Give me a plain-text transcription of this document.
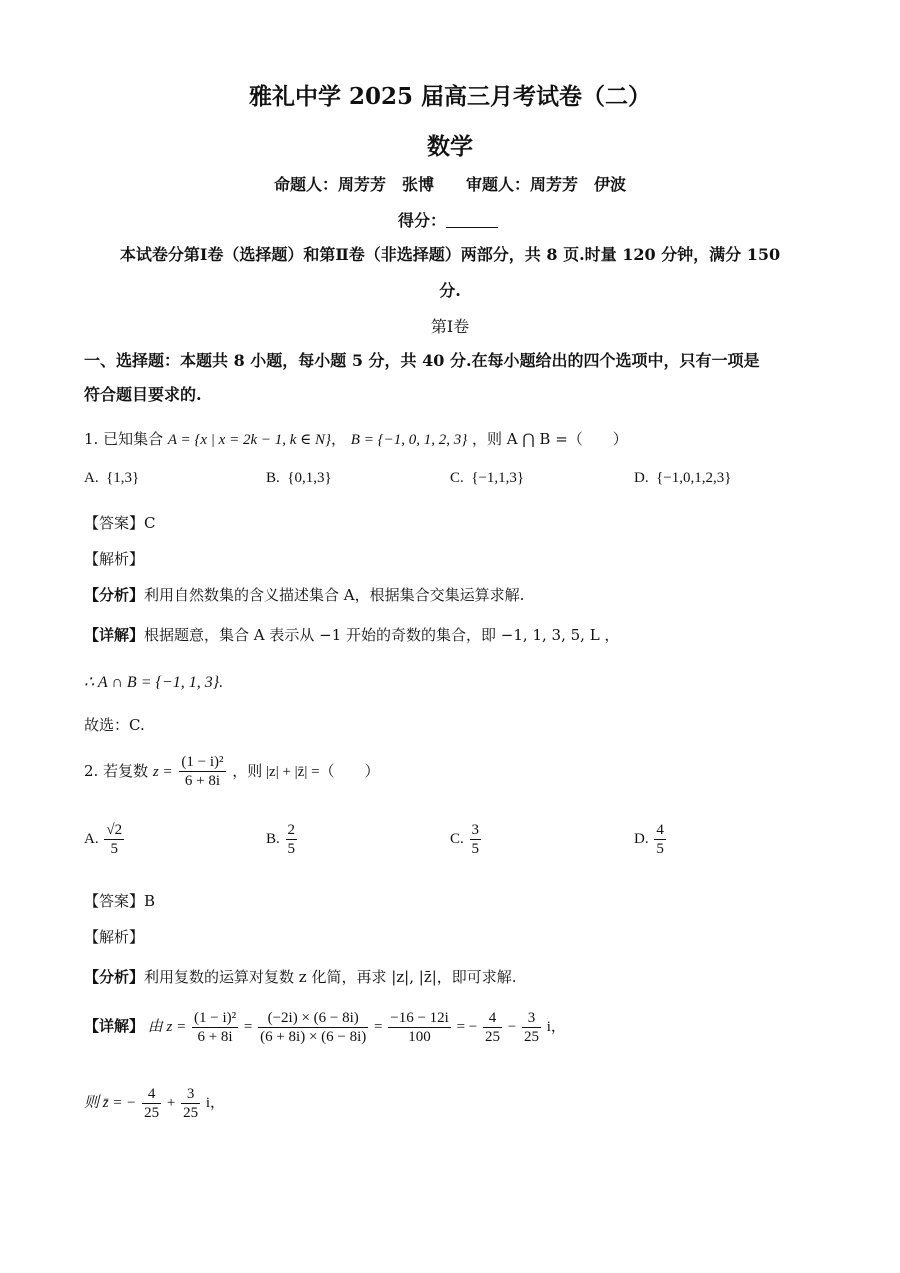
雅礼中学 2025 届高三月考试卷（二）
数学
命题人：周芳芳　张博　　审题人：周芳芳　伊波
得分：
本试卷分第Ⅰ卷（选择题）和第Ⅱ卷（非选择题）两部分，共 8 页.时量 120 分钟，满分 150
分.
第Ⅰ卷
一、选择题：本题共 8 小题，每小题 5 分，共 40 分.在每小题给出的四个选项中，只有一项是
符合题目要求的.
1. 已知集合 A = {x | x = 2k − 1, k ∈ N}， B = {−1, 0, 1, 2, 3} ，则 A ⋂ B =（　　）
A. {1,3}	B. {0,1,3}	C. {−1,1,3}	D. {−1,0,1,2,3}
【答案】C
【解析】
【分析】利用自然数集的含义描述集合 A，根据集合交集运算求解.
【详解】根据题意，集合 A 表示从 −1 开始的奇数的集合，即 −1, 1, 3, 5, L ，
∴ A ∩ B = {−1, 1, 3}.
故选：C.
2. 若复数 $z = \frac{\text{(1 − i)²}}{6 + 8i}$ ，则 |z| + |z̄| =（　　）
A. $\frac{√2}{5}$	B. $\frac{2}{5}$	C. $\frac{3}{5}$	D. $\frac{4}{5}$
【答案】B
【解析】
【分析】利用复数的运算对复数 z 化简，再求 |z|, |z̄|，即可求解.
【详解】 由 $z = \frac{\text{(1 − i)²}}{6 + 8i} = \frac{(-2i) \times (6 - 8i)}{(6 + 8i) \times (6 - 8i)} = \frac{-16 - 12i}{100}$ = − $\frac{4}{25} - \frac{3}{25}$ i，
则 z̄ = − $\frac{4}{25} + \frac{3}{25}$ i，
